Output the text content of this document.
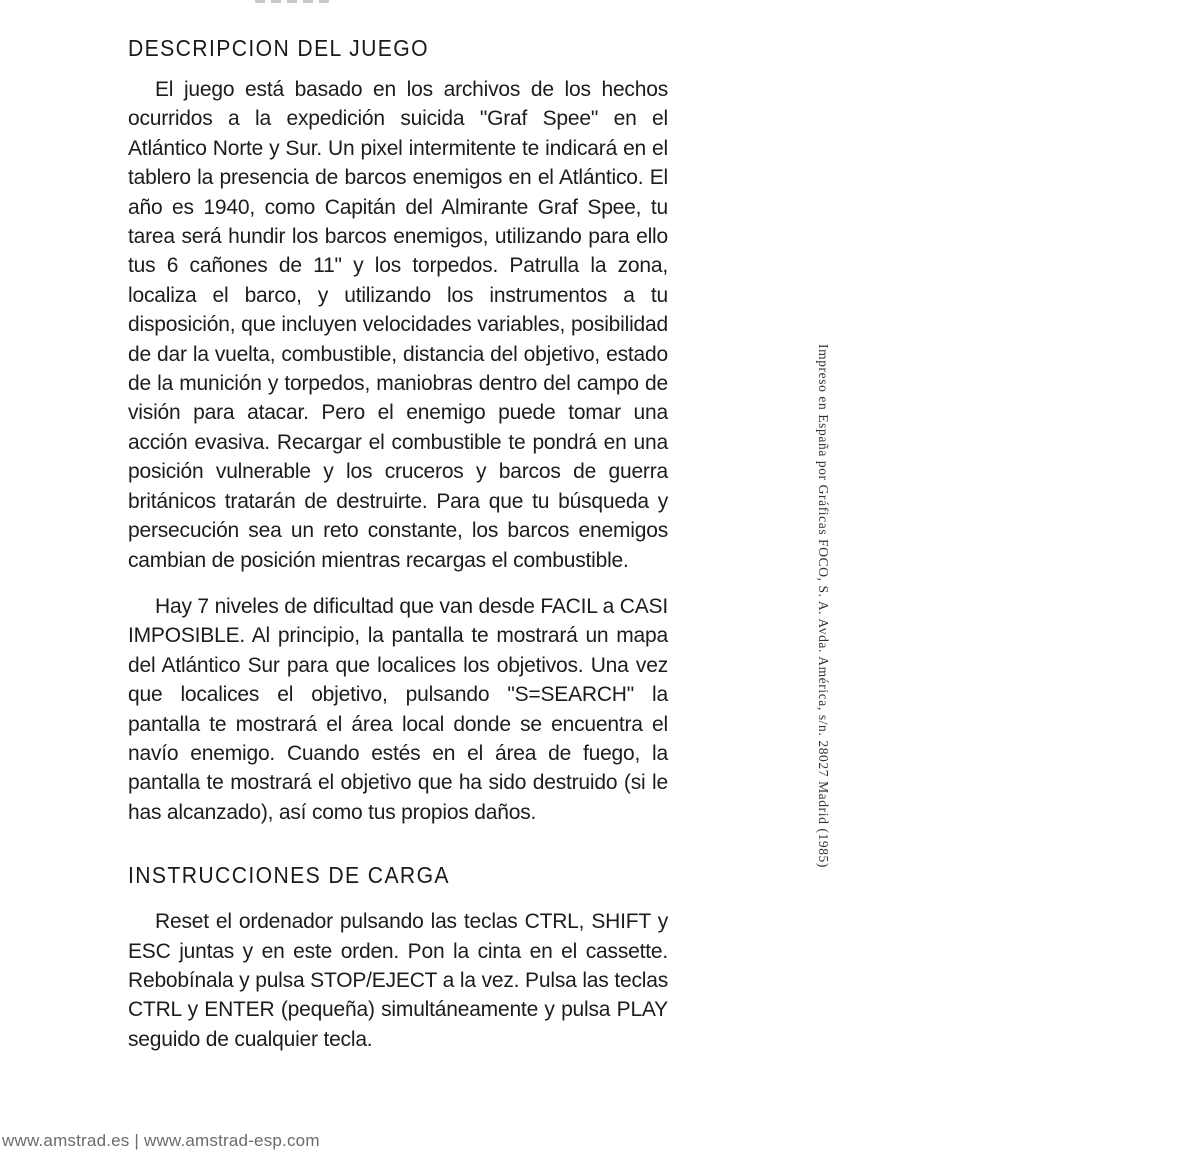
DESCRIPCION DEL JUEGO

El juego está basado en los archivos de los hechos ocurridos a la expedición suicida "Graf Spee" en el Atlántico Norte y Sur. Un pixel intermitente te indicará en el tablero la presencia de barcos enemigos en el Atlántico. El año es 1940, como Capitán del Almirante Graf Spee, tu tarea será hundir los barcos enemigos, utilizando para ello tus 6 cañones de 11" y los torpedos. Patrulla la zona, localiza el barco, y utilizando los instrumentos a tu disposición, que incluyen velocidades variables, posibilidad de dar la vuelta, combustible, distancia del objetivo, estado de la munición y torpedos, maniobras dentro del campo de visión para atacar. Pero el enemigo puede tomar una acción evasiva. Recargar el combustible te pondrá en una posición vulnerable y los cruceros y barcos de guerra británicos tratarán de destruirte. Para que tu búsqueda y persecución sea un reto constante, los barcos enemigos cambian de posición mientras recargas el combustible.

Hay 7 niveles de dificultad que van desde FACIL a CASI IMPOSIBLE. Al principio, la pantalla te mostrará un mapa del Atlántico Sur para que localices los objetivos. Una vez que localices el objetivo, pulsando "S=SEARCH" la pantalla te mostrará el área local donde se encuentra el navío enemigo. Cuando estés en el área de fuego, la pantalla te mostrará el objetivo que ha sido destruido (si le has alcanzado), así como tus propios daños.

INSTRUCCIONES DE CARGA

Reset el ordenador pulsando las teclas CTRL, SHIFT y ESC juntas y en este orden. Pon la cinta en el cassette. Rebobínala y pulsa STOP/EJECT a la vez. Pulsa las teclas CTRL y ENTER (pequeña) simultáneamente y pulsa PLAY seguido de cualquier tecla.

Impreso en España por Gráficas FOCO, S. A. Avda. América, s/n. 28027 Madrid (1985)
www.amstrad.es | www.amstrad-esp.com
